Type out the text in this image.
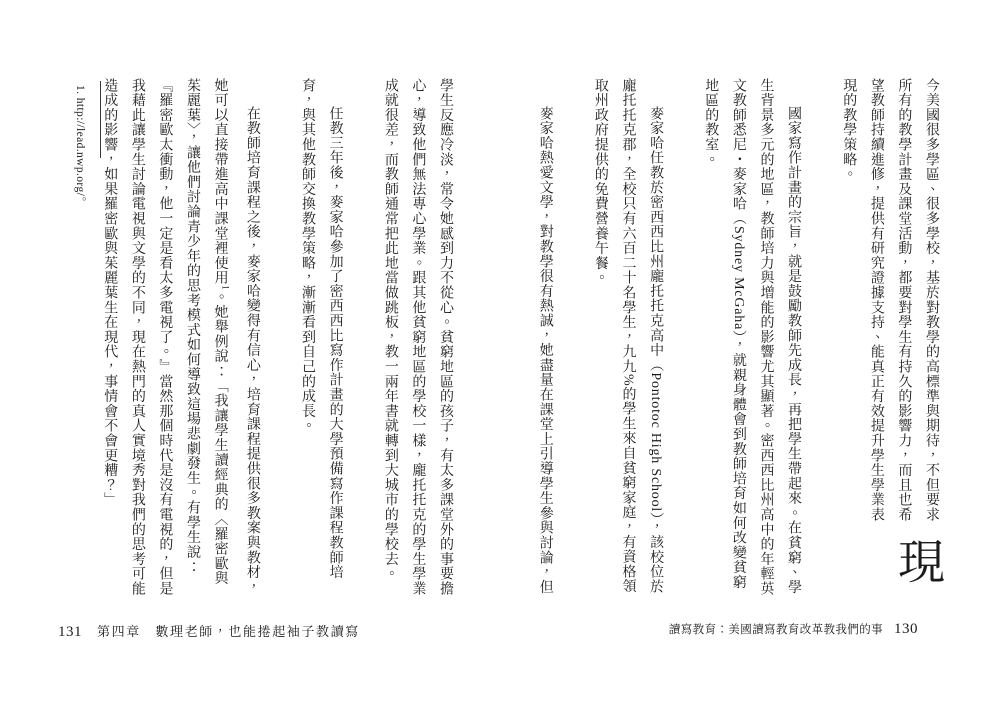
現
今美國很多學區、很多學校，基於對教學的高標準與期待，不但要求所有的教學計畫及課堂活動，都要對學生有持久的影響力，而且也希望教師持續進修，提供有研究證據支持、能真正有效提升學生學業表現的教學策略。

國家寫作計畫的宗旨，就是鼓勵教師先成長，再把學生帶起來。在貧窮、學生背景多元的地區，教師培力與增能的影響尤其顯著。密西西比州高中的年輕英文教師悉尼・麥家哈（Sydney McGaha），就親身體會到教師培育如何改變貧窮地區的教室。

麥家哈任教於密西西比州龐托托克高中（Pontotoc High School），該校位於龐托托克郡，全校只有六百二十名學生，九九%的學生來自貧窮家庭，有資格領取州政府提供的免費營養午餐。

麥家哈熱愛文學，對教學很有熱誠，她盡量在課堂上引導學生參與討論，但

讀寫教育：美國讀寫教育改革教我們的事 130

學生反應冷淡，常令她感到力不從心。貧窮地區的孩子，有太多課堂外的事要擔心，導致他們無法專心學業。跟其他貧窮地區的學校一樣，龐托托克的學生學業成就很差，而教師通常把此地當做跳板，教一兩年書就轉到大城市的學校去。

任教三年後，麥家哈參加了密西西比寫作計畫的大學預備寫作課程教師培育，與其他教師交換教學策略，漸漸看到自己的成長。

在教師培育課程之後，麥家哈變得有信心，培育課程提供很多教案與教材，她可以直接帶進高中課堂裡使用$^1$。她舉例說：「我讓學生讀經典的〈羅密歐與茱麗葉〉，讓他們討論青少年的思考模式如何導致這場悲劇發生。有學生說：『羅密歐太衝動，他一定是看太多電視了。』當然那個時代是沒有電視的，但是我藉此讓學生討論電視與文學的不同，現在熱門的真人實境秀對我們的思考可能造成的影響，如果羅密歐與茱麗葉生在現代，事情會不會更糟？」

1. http://lead.nwp.org/。
131 第四章　數理老師，也能捲起袖子教讀寫
